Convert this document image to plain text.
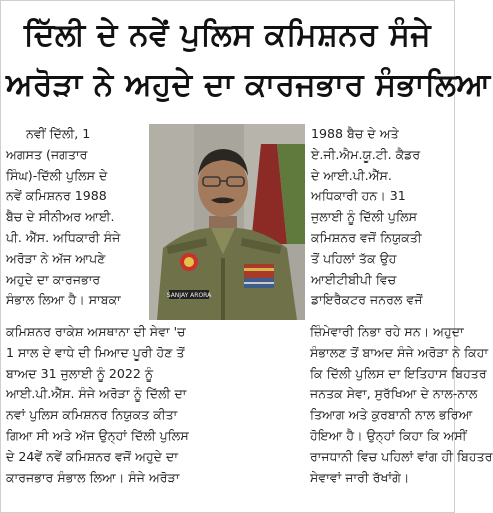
ਦਿੱਲੀ ਦੇ ਨਵੇਂ ਪੁਲਿਸ ਕਮਿਸ਼ਨਰ ਸੰਜੇ
ਅਰੋੜਾ ਨੇ ਅਹੁਦੇ ਦਾ ਕਾਰਜਭਾਰ ਸੰਭਾਲਿਆ
ਨਵੀਂ ਦਿੱਲੀ, 1
ਅਗਸਤ (ਜਗਤਾਰ
ਸਿੰਘ)-ਦਿੱਲੀ ਪੁਲਿਸ ਦੇ
ਨਵੇਂ ਕਮਿਸ਼ਨਰ 1988
ਬੈਚ ਦੇ ਸੀਨੀਅਰ ਆਈ.
ਪੀ. ਐੱਸ. ਅਧਿਕਾਰੀ ਸੰਜੇ
ਅਰੋੜਾ ਨੇ ਅੱਜ ਆਪਣੇ
ਅਹੁਦੇ ਦਾ ਕਾਰਜਭਾਰ
ਸੰਭਾਲ ਲਿਆ ਹੈ। ਸਾਬਕਾ	SANJAY ARORA
1988 ਬੈਚ ਦੇ ਅਤੇ
ਏ.ਜੀ.ਐਮ.ਯੂ.ਟੀ. ਕੈਡਰ
ਦੇ ਆਈ.ਪੀ.ਐੱਸ.
ਅਧਿਕਾਰੀ ਹਨ। 31
ਜੁਲਾਈ ਨੂੰ ਦਿੱਲੀ ਪੁਲਿਸ
ਕਮਿਸ਼ਨਰ ਵਜੋਂ ਨਿਯੁਕਤੀ
ਤੋਂ ਪਹਿਲਾਂ ਤੱਕ ਉਹ
ਆਈਟੀਬੀਪੀ ਵਿਚ
ਡਾਇਰੈਕਟਰ ਜਨਰਲ ਵਜੋਂ
ਕਮਿਸ਼ਨਰ ਰਾਕੇਸ਼ ਅਸਥਾਨਾ ਦੀ ਸੇਵਾ 'ਚ
1 ਸਾਲ ਦੇ ਵਾਧੇ ਦੀ ਮਿਆਦ ਪੂਰੀ ਹੋਣ ਤੋਂ
ਬਾਅਦ 31 ਜੁਲਾਈ ਨੂੰ 2022 ਨੂੰ
ਆਈ.ਪੀ.ਐੱਸ. ਸੰਜੇ ਅਰੋੜਾ ਨੂੰ ਦਿੱਲੀ ਦਾ
ਨਵਾਂ ਪੁਲਿਸ ਕਮਿਸ਼ਨਰ ਨਿਯੁਕਤ ਕੀਤਾ
ਗਿਆ ਸੀ ਅਤੇ ਅੱਜ ਉਨ੍ਹਾਂ ਦਿੱਲੀ ਪੁਲਿਸ
ਦੇ 24ਵੇਂ ਨਵੇਂ ਕਮਿਸ਼ਨਰ ਵਜੋਂ ਅਹੁਦੇ ਦਾ
ਕਾਰਜਭਾਰ ਸੰਭਾਲ ਲਿਆ। ਸੰਜੇ ਅਰੋੜਾ
ਜ਼ਿੰਮੇਵਾਰੀ ਨਿਭਾ ਰਹੇ ਸਨ। ਅਹੁਦਾ
ਸੰਭਾਲਣ ਤੋਂ ਬਾਅਦ ਸੰਜੇ ਅਰੋੜਾ ਨੇ ਕਿਹਾ
ਕਿ ਦਿੱਲੀ ਪੁਲਿਸ ਦਾ ਇਤਿਹਾਸ ਬਿਹਤਰ
ਜਨਤਕ ਸੇਵਾ, ਸੁਰੱਖਿਆ ਦੇ ਨਾਲ-ਨਾਲ
ਤਿਆਗ ਅਤੇ ਕੁਰਬਾਨੀ ਨਾਲ ਭਰਿਆ
ਹੋਇਆ ਹੈ। ਉਨ੍ਹਾਂ ਕਿਹਾ ਕਿ ਅਸੀਂ
ਰਾਜਧਾਨੀ ਵਿਚ ਪਹਿਲਾਂ ਵਾਂਗ ਹੀ ਬਿਹਤਰ
ਸੇਵਾਵਾਂ ਜਾਰੀ ਰੱਖਾਂਗੇ।
